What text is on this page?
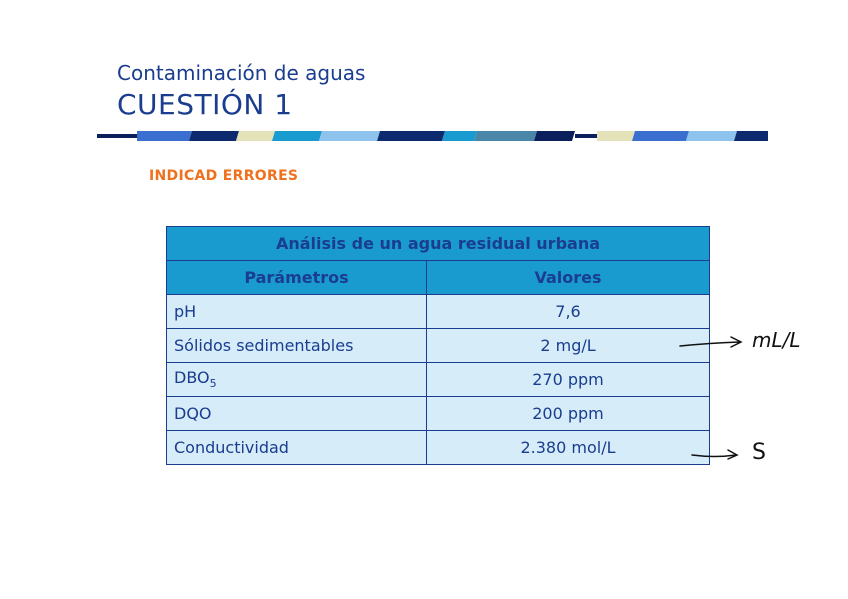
Contaminación de aguas
CUESTIÓN 1
INDICAD ERRORES
Análisis de un agua residual urbana	
Parámetros	Valores
pH	7,6
Sólidos sedimentables	2 mg/L
$DBO_5$	270 ppm
DQO	200 ppm
Conductividad	2.380 mol/L
mL/L
S
